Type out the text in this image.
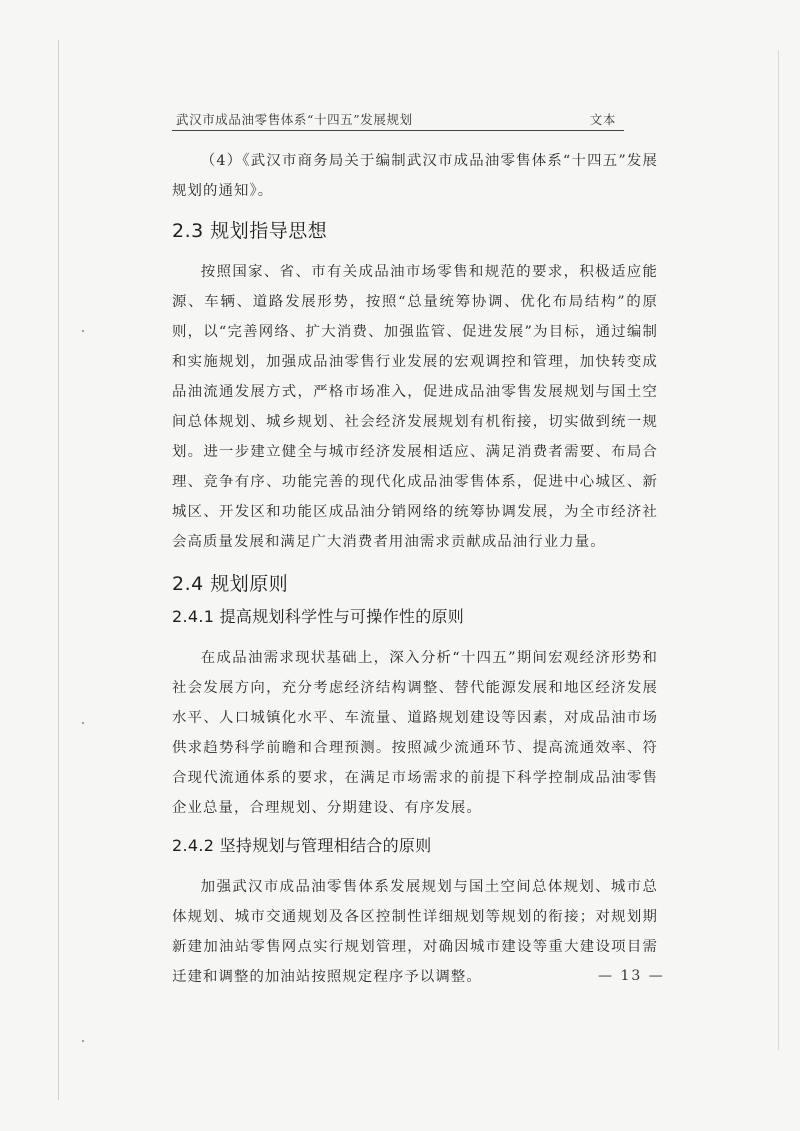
武汉市成品油零售体系“十四五”发展规划	文本

（4）《武汉市商务局关于编制武汉市成品油零售体系“十四五”发展规划的通知》。

2.3 规划指导思想

按照国家、省、市有关成品油市场零售和规范的要求，积极适应能源、车辆、道路发展形势，按照“总量统筹协调、优化布局结构”的原则，以“完善网络、扩大消费、加强监管、促进发展”为目标，通过编制和实施规划，加强成品油零售行业发展的宏观调控和管理，加快转变成品油流通发展方式，严格市场准入，促进成品油零售发展规划与国土空间总体规划、城乡规划、社会经济发展规划有机衔接，切实做到统一规划。进一步建立健全与城市经济发展相适应、满足消费者需要、布局合理、竞争有序、功能完善的现代化成品油零售体系，促进中心城区、新城区、开发区和功能区成品油分销网络的统筹协调发展，为全市经济社会高质量发展和满足广大消费者用油需求贡献成品油行业力量。

2.4 规划原则
2.4.1 提高规划科学性与可操作性的原则

在成品油需求现状基础上，深入分析“十四五”期间宏观经济形势和社会发展方向，充分考虑经济结构调整、替代能源发展和地区经济发展水平、人口城镇化水平、车流量、道路规划建设等因素，对成品油市场供求趋势科学前瞻和合理预测。按照减少流通环节、提高流通效率、符合现代流通体系的要求，在满足市场需求的前提下科学控制成品油零售企业总量，合理规划、分期建设、有序发展。

2.4.2 坚持规划与管理相结合的原则

加强武汉市成品油零售体系发展规划与国土空间总体规划、城市总体规划、城市交通规划及各区控制性详细规划等规划的衔接；对规划期新建加油站零售网点实行规划管理，对确因城市建设等重大建设项目需迁建和调整的加油站按照规定程序予以调整。	— 13 —
